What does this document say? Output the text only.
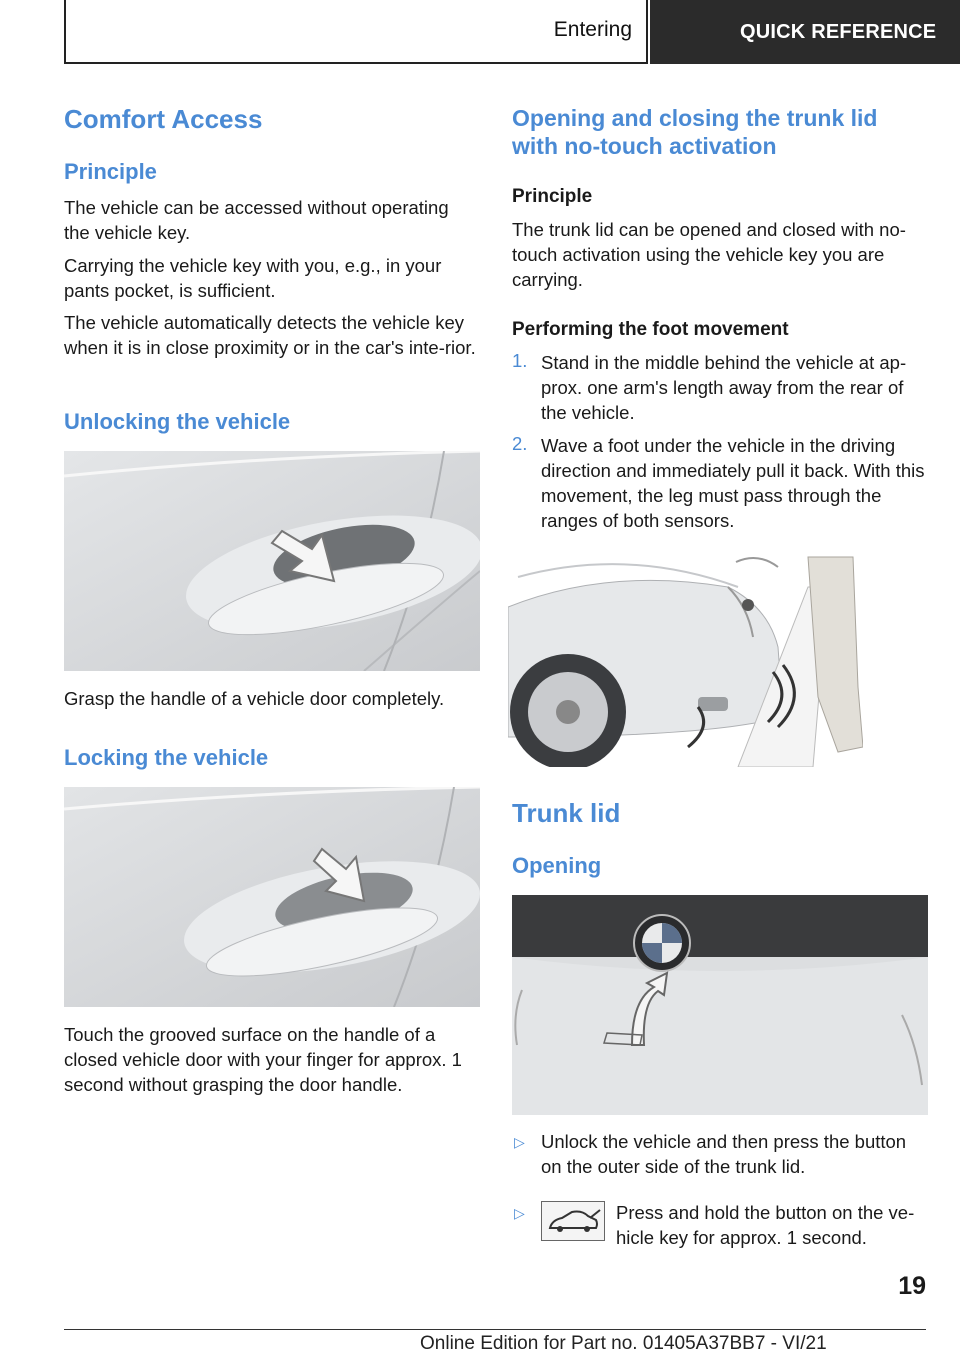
Entering	QUICK REFERENCE
Comfort Access
Principle
The vehicle can be accessed without operating the vehicle key.
Carrying the vehicle key with you, e.g., in your pants pocket, is sufficient.
The vehicle automatically detects the vehicle key when it is in close proximity or in the car's inte‐rior.
Unlocking the vehicle
Grasp the handle of a vehicle door completely.
Locking the vehicle
Touch the grooved surface on the handle of a closed vehicle door with your finger for approx. 1 second without grasping the door handle.
Opening and closing the trunk lid with no-touch activation
Principle
The trunk lid can be opened and closed with no-touch activation using the vehicle key you are carrying.
Performing the foot movement
1. Stand in the middle behind the vehicle at ap‐prox. one arm's length away from the rear of the vehicle.
2. Wave a foot under the vehicle in the driving direction and immediately pull it back. With this movement, the leg must pass through the ranges of both sensors.
Trunk lid
Opening
▷ Unlock the vehicle and then press the button on the outer side of the trunk lid.
▷	Press and hold the button on the ve‐hicle key for approx. 1 second.
19
Online Edition for Part no. 01405A37BB7 - VI/21
